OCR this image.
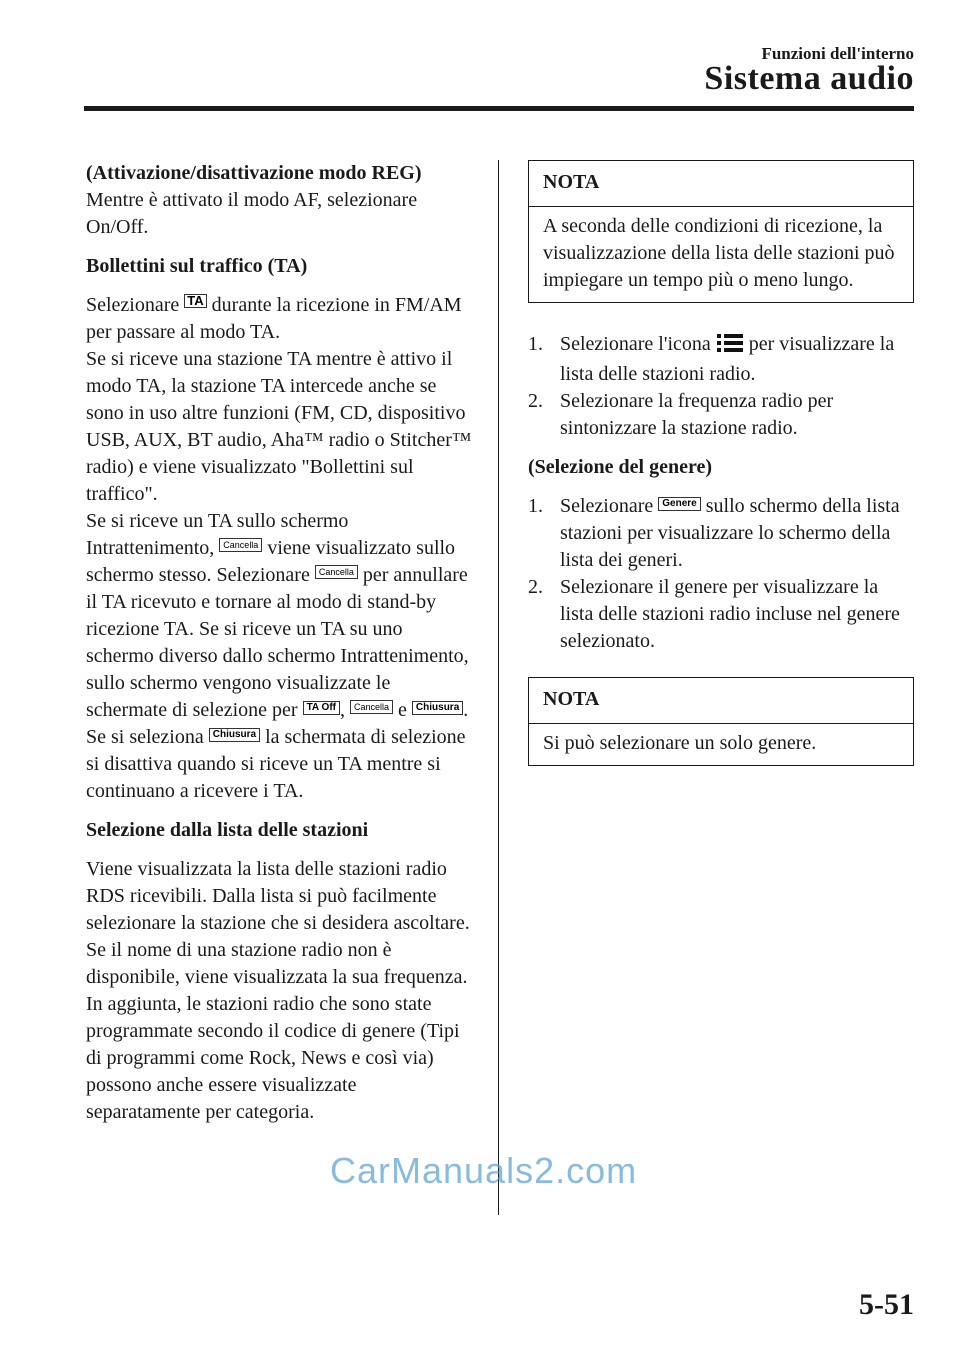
Funzioni dell'interno
Sistema audio
(Attivazione/disattivazione modo REG)
Mentre è attivato il modo AF, selezionare On/Off.
Bollettini sul traffico (TA)
Selezionare TA durante la ricezione in FM/AM per passare al modo TA.
Se si riceve una stazione TA mentre è attivo il modo TA, la stazione TA intercede anche se sono in uso altre funzioni (FM, CD, dispositivo USB, AUX, BT audio, Aha™ radio o Stitcher™ radio) e viene visualizzato "Bollettini sul traffico".
Se si riceve un TA sullo schermo Intrattenimento, Cancella viene visualizzato sullo schermo stesso. Selezionare Cancella per annullare il TA ricevuto e tornare al modo di stand-by ricezione TA. Se si riceve un TA su uno schermo diverso dallo schermo Intrattenimento, sullo schermo vengono visualizzate le schermate di selezione per TA Off , Cancella e Chiusura . Se si seleziona Chiusura la schermata di selezione si disattiva quando si riceve un TA mentre si continuano a ricevere i TA.
Selezione dalla lista delle stazioni
Viene visualizzata la lista delle stazioni radio RDS ricevibili. Dalla lista si può facilmente selezionare la stazione che si desidera ascoltare. Se il nome di una stazione radio non è disponibile, viene visualizzata la sua frequenza. In aggiunta, le stazioni radio che sono state programmate secondo il codice di genere (Tipi di programmi come Rock, News e così via) possono anche essere visualizzate separatamente per categoria.
NOTA
A seconda delle condizioni di ricezione, la visualizzazione della lista delle stazioni può impiegare un tempo più o meno lungo.
1. Selezionare l'icona  per visualizzare la lista delle stazioni radio.
2. Selezionare la frequenza radio per sintonizzare la stazione radio.
(Selezione del genere)
1. Selezionare Genere sullo schermo della lista stazioni per visualizzare lo schermo della lista dei generi.
2. Selezionare il genere per visualizzare la lista delle stazioni radio incluse nel genere selezionato.
NOTA
Si può selezionare un solo genere.
CarManuals2.com
5-51
